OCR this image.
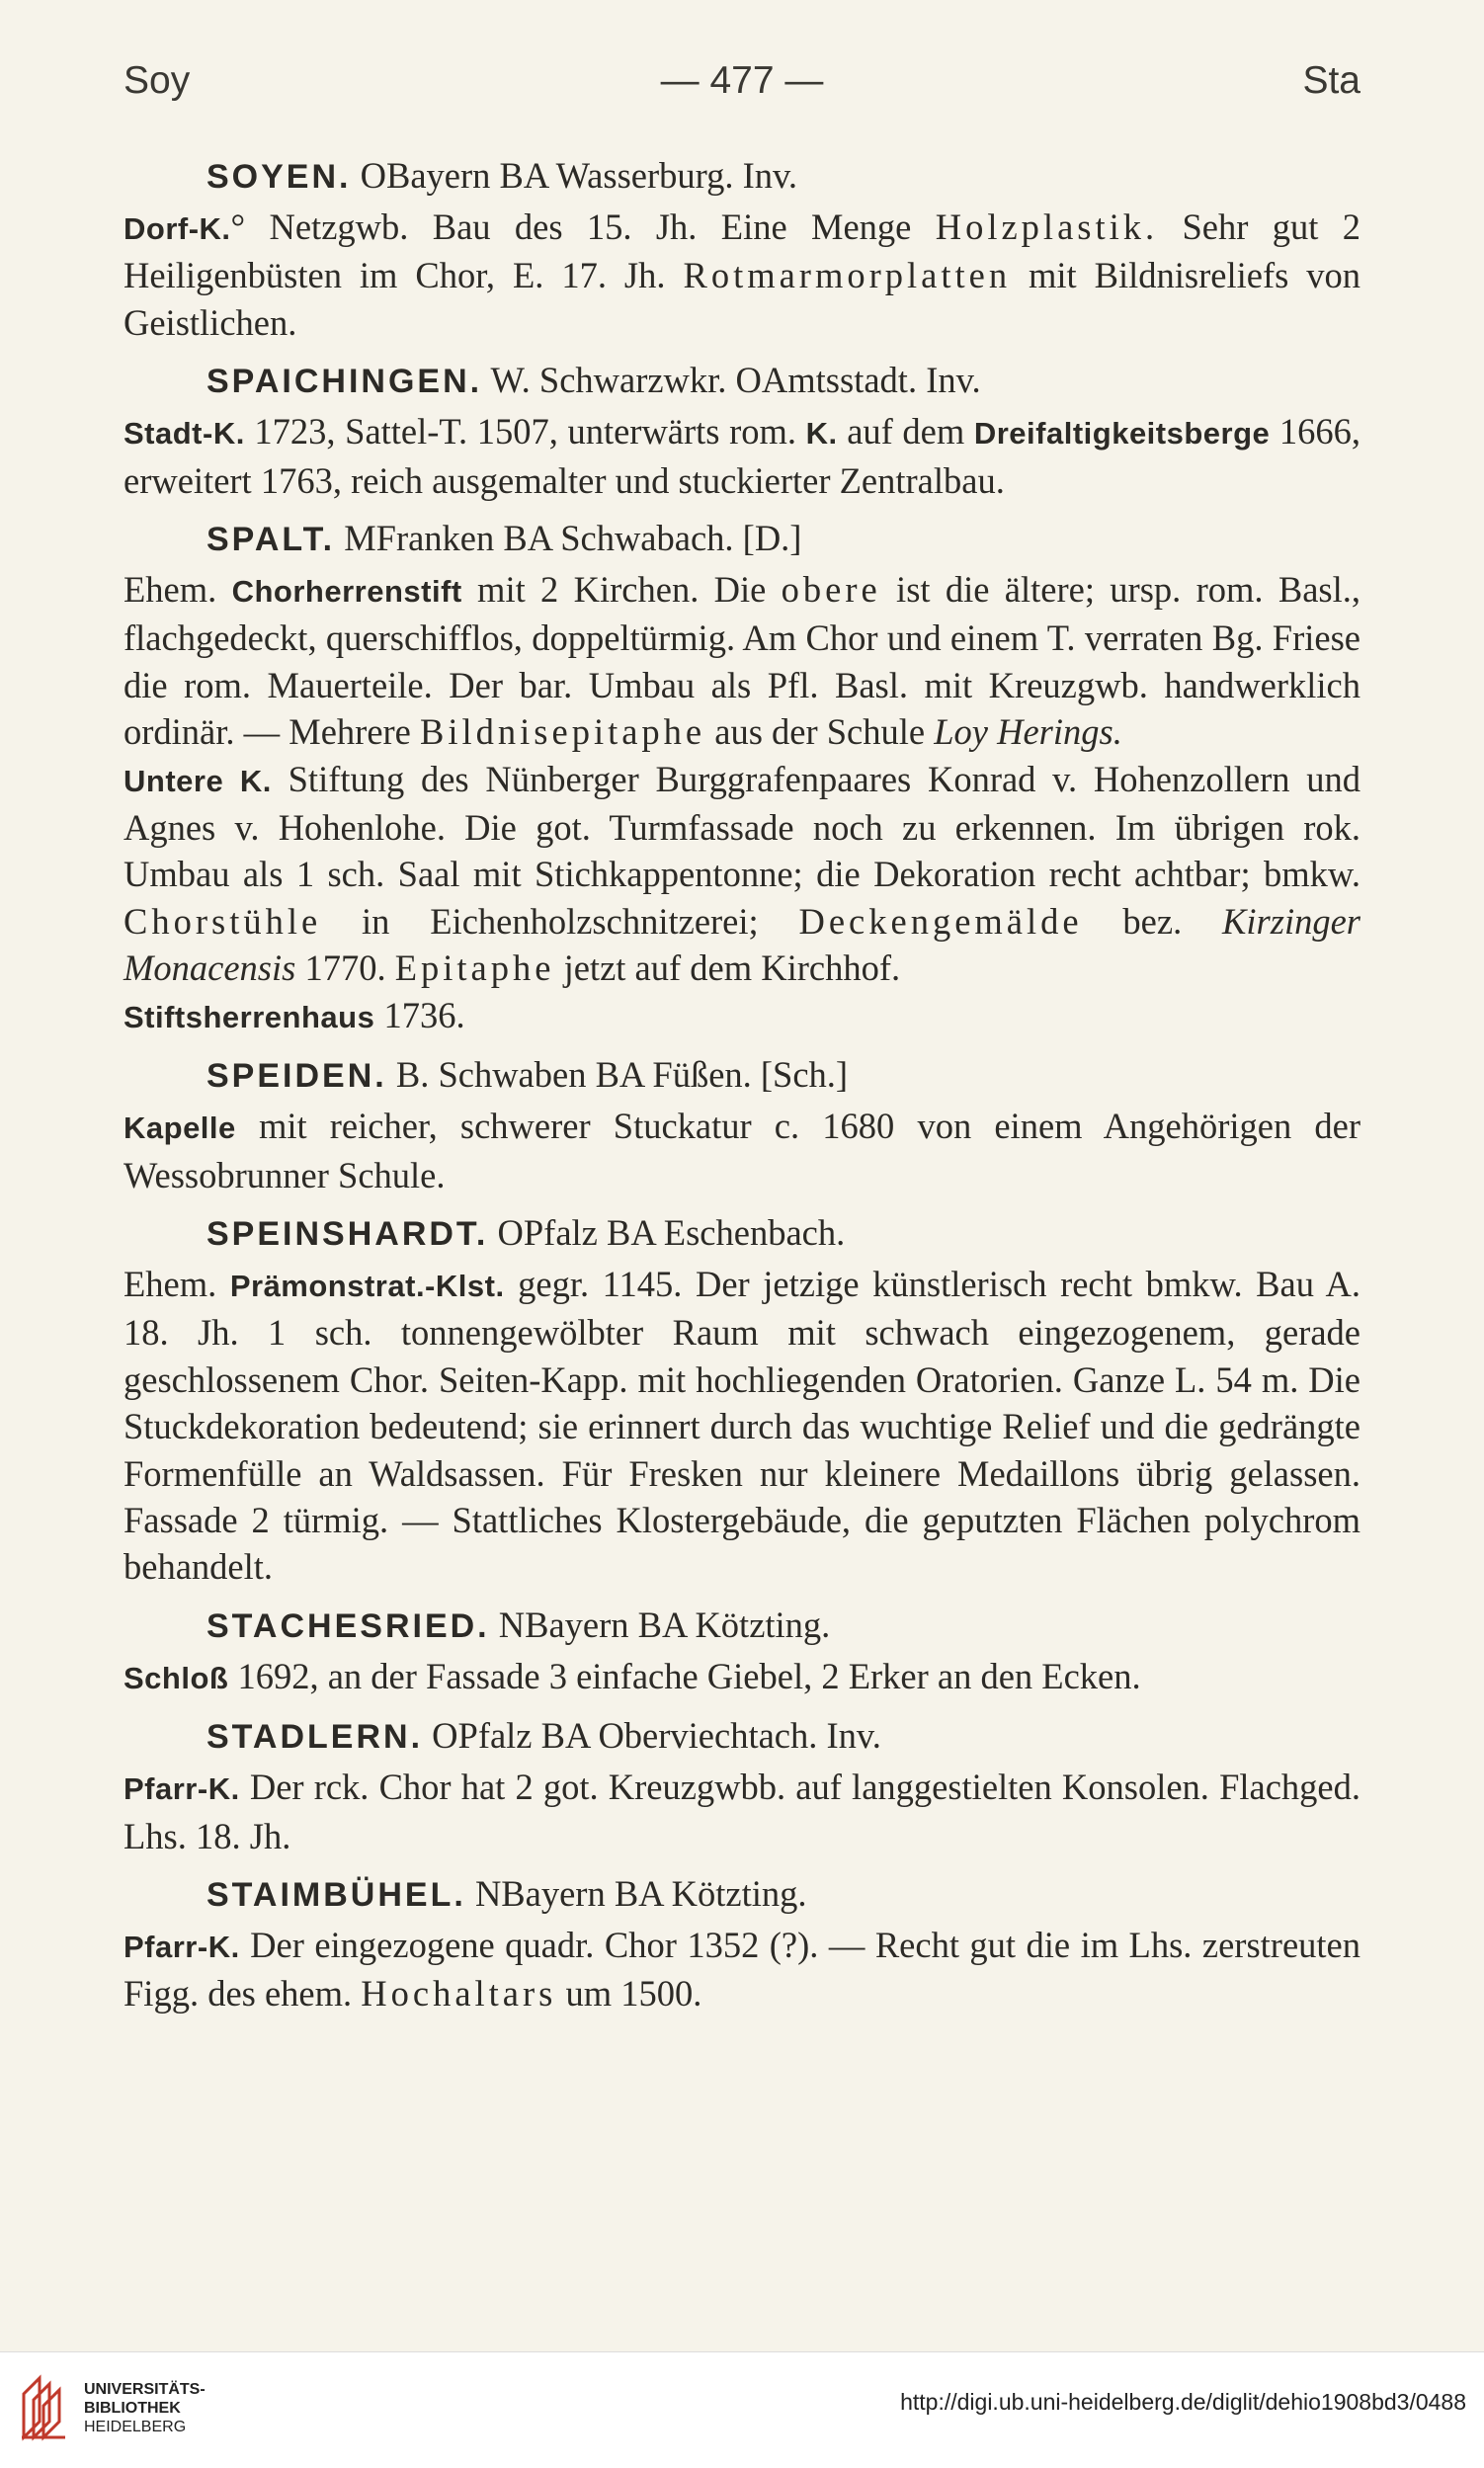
Soy	— 477 —	Sta

SOYEN. OBayern BA Wasserburg. Inv.

Dorf-K.° Netzgwb. Bau des 15. Jh. Eine Menge Holzplastik. Sehr gut 2 Heiligenbüsten im Chor, E. 17. Jh. Rotmarmorplatten mit Bildnisreliefs von Geistlichen.

SPAICHINGEN. W. Schwarzwkr. OAmtsstadt. Inv.

Stadt-K. 1723, Sattel-T. 1507, unterwärts rom. K. auf dem Dreifaltigkeitsberge 1666, erweitert 1763, reich ausgemalter und stuckierter Zentralbau.

SPALT. MFranken BA Schwabach. [D.]

Ehem. Chorherrenstift mit 2 Kirchen. Die obere ist die ältere; ursp. rom. Basl., flachgedeckt, querschifflos, doppeltürmig. Am Chor und einem T. verraten Bg. Friese die rom. Mauerteile. Der bar. Umbau als Pfl. Basl. mit Kreuzgwb. handwerklich ordinär. — Mehrere Bildnisepitaphe aus der Schule Loy Herings.
Untere K. Stiftung des Nünberger Burggrafenpaares Konrad v. Hohenzollern und Agnes v. Hohenlohe. Die got. Turmfassade noch zu erkennen. Im übrigen rok. Umbau als 1 sch. Saal mit Stichkappentonne; die Dekoration recht achtbar; bmkw. Chorstühle in Eichenholzschnitzerei; Deckengemälde bez. Kirzinger Monacensis 1770. Epitaphe jetzt auf dem Kirchhof.
Stiftsherrenhaus 1736.

SPEIDEN. B. Schwaben BA Füßen. [Sch.]

Kapelle mit reicher, schwerer Stuckatur c. 1680 von einem Angehörigen der Wessobrunner Schule.

SPEINSHARDT. OPfalz BA Eschenbach.

Ehem. Prämonstrat.-Klst. gegr. 1145. Der jetzige künstlerisch recht bmkw. Bau A. 18. Jh. 1 sch. tonnengewölbter Raum mit schwach eingezogenem, gerade geschlossenem Chor. Seiten-Kapp. mit hochliegenden Oratorien. Ganze L. 54 m. Die Stuckdekoration bedeutend; sie erinnert durch das wuchtige Relief und die gedrängte Formenfülle an Waldsassen. Für Fresken nur kleinere Medaillons übrig gelassen. Fassade 2 türmig. — Stattliches Klostergebäude, die geputzten Flächen polychrom behandelt.

STACHESRIED. NBayern BA Kötzting.

Schloß 1692, an der Fassade 3 einfache Giebel, 2 Erker an den Ecken.

STADLERN. OPfalz BA Oberviechtach. Inv.

Pfarr-K. Der rck. Chor hat 2 got. Kreuzgwbb. auf langgestielten Konsolen. Flachged. Lhs. 18. Jh.

STAIMBÜHEL. NBayern BA Kötzting.

Pfarr-K. Der eingezogene quadr. Chor 1352 (?). — Recht gut die im Lhs. zerstreuten Figg. des ehem. Hochaltars um 1500.

UNIVERSITÄTS-
BIBLIOTHEK
HEIDELBERG
http://digi.ub.uni-heidelberg.de/diglit/dehio1908bd3/0488
